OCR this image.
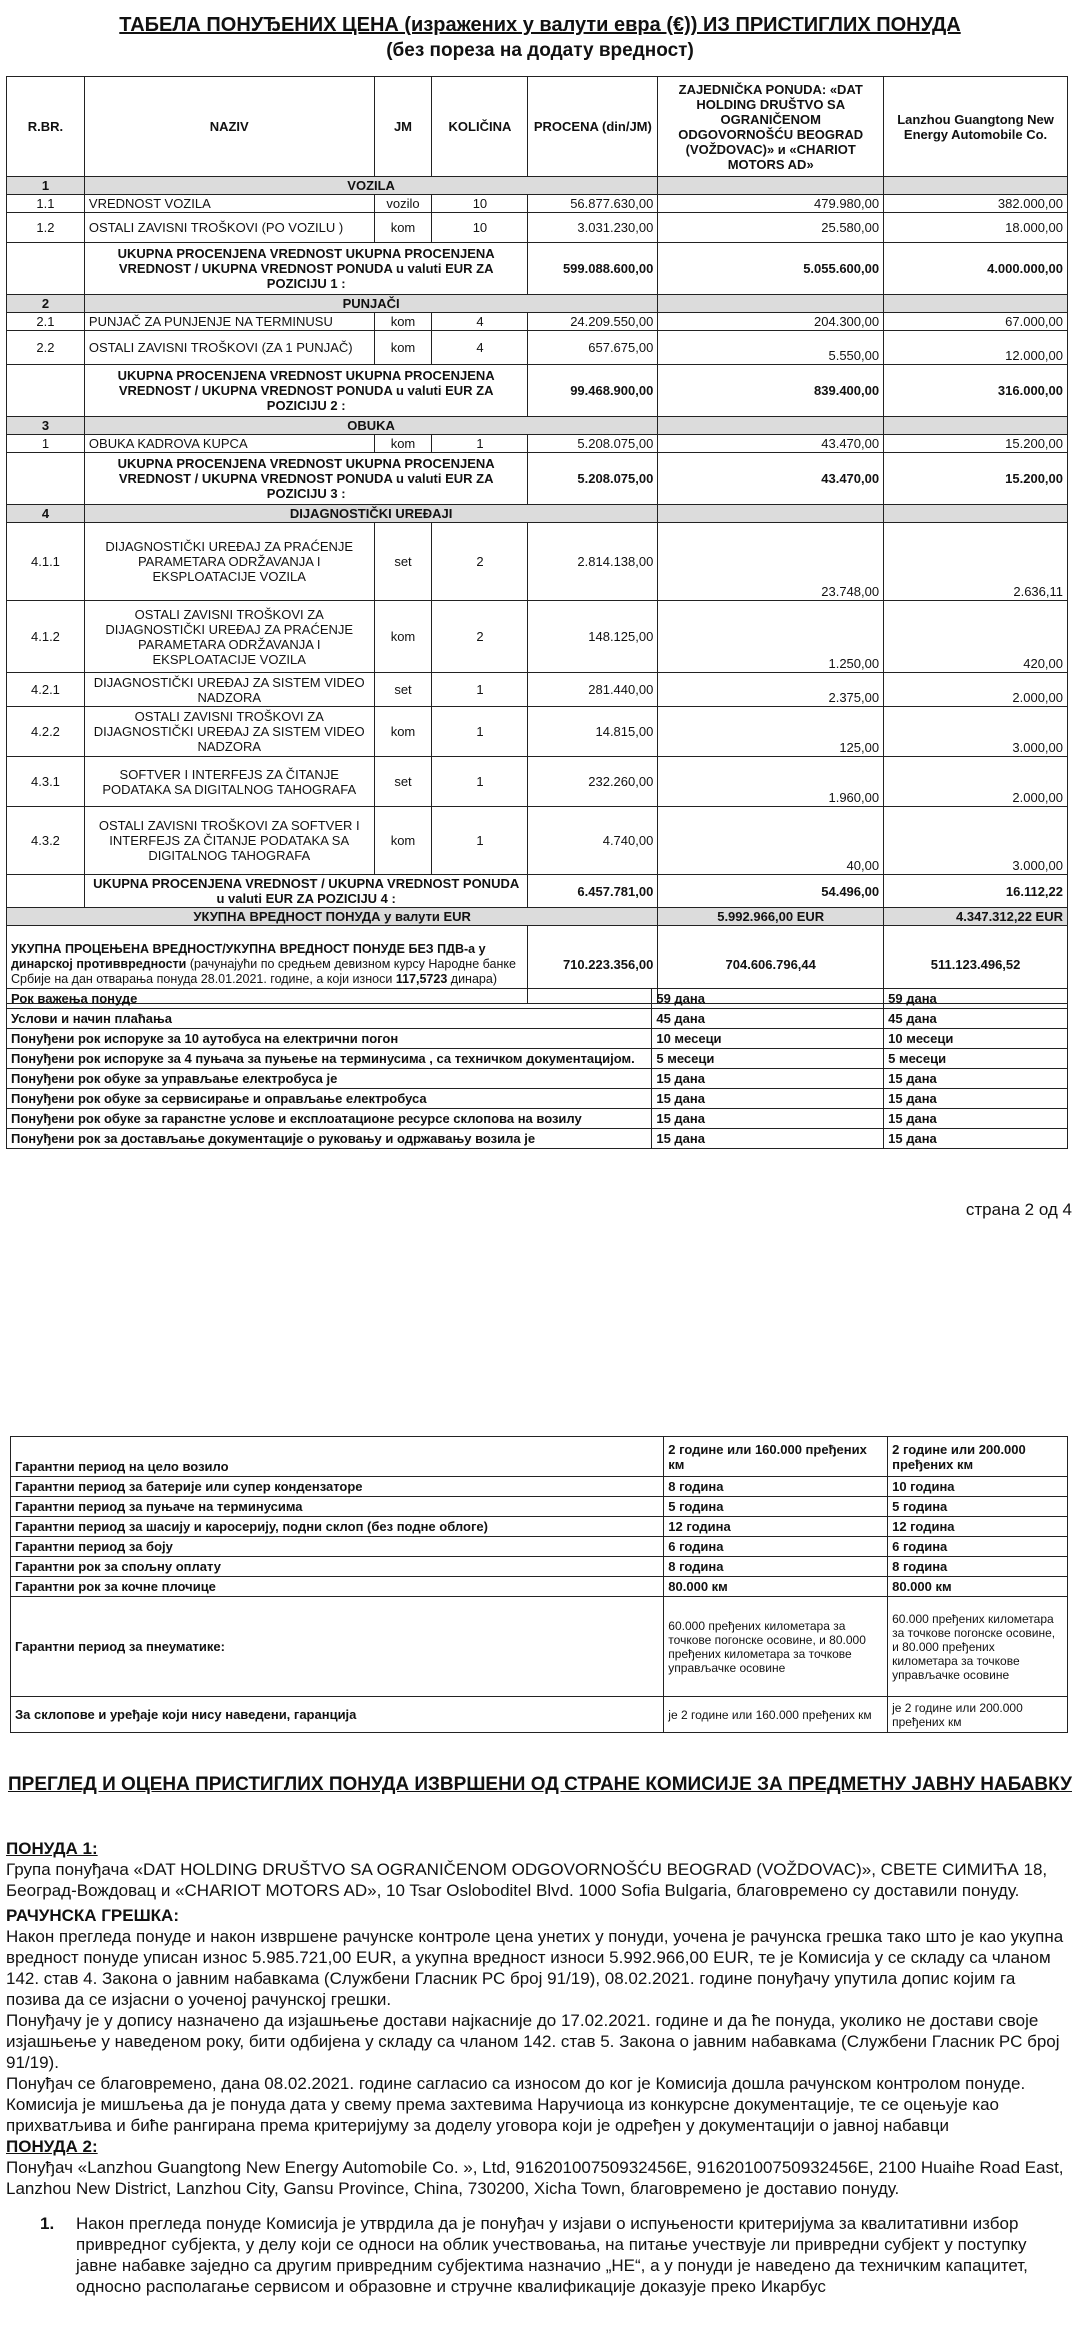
ТАБЕЛА ПОНУЂЕНИХ ЦЕНА (изражених у валути евра (€)) ИЗ ПРИСТИГЛИХ ПОНУДА
(без пореза на додату вредност)
R.BR.	NAZIV	JM	KOLIČINA	PROCENA (din/JM)	ZAJEDNIČKA PONUDA: «DAT HOLDING DRUŠTVO SA OGRANIČENOM ODGOVORNOŠĆU BEOGRAD (VOŽDOVAC)» и «CHARIOT MOTORS AD»	Lanzhou Guangtong New Energy Automobile Co.
1	VOZILA					
1.1	VREDNOST VOZILA	vozilo	10	56.877.630,00	479.980,00	382.000,00
1.2	OSTALI ZAVISNI TROŠKOVI (PO VOZILU )	kom	10	3.031.230,00	25.580,00	18.000,00
	UKUPNA PROCENJENA VREDNOST UKUPNA PROCENJENA VREDNOST / UKUPNA VREDNOST PONUDA u valuti EUR ZA POZICIJU 1 :			599.088.600,00	5.055.600,00	4.000.000,00
2	PUNJAČI					
2.1	PUNJAČ ZA PUNJENJE NA TERMINUSU	kom	4	24.209.550,00	204.300,00	67.000,00
2.2	OSTALI ZAVISNI TROŠKOVI (ZA 1 PUNJAČ)	kom	4	657.675,00	5.550,00	12.000,00
	UKUPNA PROCENJENA VREDNOST UKUPNA PROCENJENA VREDNOST / UKUPNA VREDNOST PONUDA u valuti EUR ZA POZICIJU 2 :			99.468.900,00	839.400,00	316.000,00
3	OBUKA					
1	OBUKA KADROVA KUPCA	kom	1	5.208.075,00	43.470,00	15.200,00
	UKUPNA PROCENJENA VREDNOST UKUPNA PROCENJENA VREDNOST / UKUPNA VREDNOST PONUDA u valuti EUR ZA POZICIJU 3 :			5.208.075,00	43.470,00	15.200,00
4	DIJAGNOSTIČKI UREĐAJI					
4.1.1	DIJAGNOSTIČKI UREĐAJ ZA PRAĆENJE PARAMETARA ODRŽAVANJA I EKSPLOATACIJE VOZILA	set	2	2.814.138,00	23.748,00	2.636,11
4.1.2	OSTALI ZAVISNI TROŠKOVI ZA DIJAGNOSTIČKI UREĐAJ ZA PRAĆENJE PARAMETARA ODRŽAVANJA I EKSPLOATACIJE VOZILA	kom	2	148.125,00	1.250,00	420,00
4.2.1	DIJAGNOSTIČKI UREĐAJ ZA SISTEM VIDEO NADZORA	set	1	281.440,00	2.375,00	2.000,00
4.2.2	OSTALI ZAVISNI TROŠKOVI ZA DIJAGNOSTIČKI UREĐAJ ZA SISTEM VIDEO NADZORA	kom	1	14.815,00	125,00	3.000,00
4.3.1	SOFTVER I INTERFEJS ZA ČITANJE PODATAKA SA DIGITALNOG TAHOGRAFA	set	1	232.260,00	1.960,00	2.000,00
4.3.2	OSTALI ZAVISNI TROŠKOVI ZA SOFTVER I INTERFEJS ZA ČITANJE PODATAKA SA DIGITALNOG TAHOGRAFA	kom	1	4.740,00	40,00	3.000,00
	UKUPNA PROCENJENA VREDNOST / UKUPNA VREDNOST PONUDA u valuti EUR ZA POZICIJU 4 :			6.457.781,00	54.496,00	16.112,22
УКУПНА ВРЕДНОСТ ПОНУДА у валути EUR					5.992.966,00 EUR	4.347.312,22 EUR
УКУПНА ПРОЦЕЊЕНА ВРЕДНОСТ/УКУПНА ВРЕДНОСТ ПОНУДЕ БЕЗ ПДВ-а у динарској противвредности (рачунајући по средњем девизном курсу Народне банке Србије на дан отварања понуда 28.01.2021. године, а који износи 117,5723 динара)				710.223.356,00	704.606.796,44	511.123.496,52
Рок важења понуде	59 дана	59 дана
Услови и начин плаћања	45 дана	45 дана
Понуђени рок испоруке за 10 аутобуса на електрични погон	10 месеци	10 месеци
Понуђени рок испоруке за 4 пуњача за пуњење на терминусима , са техничком документацијом.	5 месеци	5 месеци
Понуђени рок обуке за управљање електробуса је	15 дана	15 дана
Понуђени рок обуке за сервисирање и оправљање електробуса	15 дана	15 дана
Понуђени рок обуке за гаранстне услове и експлоатационе ресурсе склопова на возилу	15 дана	15 дана
Понуђени рок за достављање документације о руковању и одржавању возила је	15 дана	15 дана
страна 2 од 4
Гарантни период на цело возило	2 године или 160.000 пређених км	2 године или 200.000 пређених км
Гарантни период за батерије или супер кондензаторе	8 година	10 година
Гарантни период за пуњаче на терминусима	5 година	5 година
Гарантни период за шасију и каросерију, подни склоп (без подне облоге)	12 година	12 година
Гарантни период за боју	6 година	6 година
Гарантни рок за спољну оплату	8 година	8 година
Гарантни рок за кочне плочице	80.000 км	80.000 км
Гарантни период за пнеуматике:	60.000 пређених километара за точкове погонске осовине, и 80.000 пређених километара за точкове управљачке осовине	60.000 пређених километара за точкове погонске осовине, и 80.000 пређених километара за точкове управљачке осовине
За склопове и уређаје који нису наведени, гаранција	је 2 године или 160.000 пређених км	је 2 године или 200.000 пређених км
ПРЕГЛЕД И ОЦЕНА ПРИСТИГЛИХ ПОНУДА ИЗВРШЕНИ ОД СТРАНЕ КОМИСИЈЕ ЗА ПРЕДМЕТНУ ЈАВНУ НАБАВКУ

ПОНУДА 1:

Група понуђача «DAT HOLDING DRUŠTVO SA OGRANIČENOM ODGOVORNOŠĆU BEOGRAD (VOŽDOVAC)», СВЕТЕ СИМИЋА 18, Београд-Вождовац и «CHARIOT MOTORS AD», 10 Tsar Osloboditel Blvd. 1000 Sofia Bulgaria, благовремено су доставили понуду.

РАЧУНСКА ГРЕШКА:

Након прегледа понуде и након извршене рачунске контроле цена унетих у понуди, уочена је рачунска грешка тако што је као укупна вредност понуде уписан износ 5.985.721,00 EUR, а укупна вредност износи 5.992.966,00 EUR, те је Комисија у се складу са чланом 142. став 4. Закона о јавним набавкама (Службени Гласник РС број 91/19), 08.02.2021. године понуђачу упутила допис којим га позива да се изјасни о уоченој рачунској грешки.

Понуђачу је у допису назначено да изјашњење достави најкасније до 17.02.2021. године и да ће понуда, уколико не достави своје изјашњење у наведеном року, бити одбијена у складу са чланом 142. став 5. Закона о јавним набавкама (Службени Гласник РС број 91/19).

Понуђач се благовремено, дана 08.02.2021. године сагласио са износом до ког је Комисија дошла рачунском контролом понуде.

Комисија је мишљења да је понуда дата у свему према захтевима Наручиоца из конкурсне документације, те се оцењује као прихватљива и биће рангирана према критеријуму за доделу уговора који је одређен у документацији о јавној набавци

ПОНУДА 2:

Понуђач «Lanzhou Guangtong New Energy Automobile Co. », Ltd, 91620100750932456E, 91620100750932456E, 2100 Huaihe Road East, Lanzhou New District, Lanzhou City, Gansu Province, China, 730200, Xicha Town, благовремено је доставио понуду.

1. Након прегледа понуде Комисија је утврдила да је понуђач у изјави о испуњености критеријума за квалитативни избор привредног субјекта, у делу који се односи на облик учествовања, на питање учествује ли привредни субјект у поступку јавне набавке заједно са другим привредним субјектима назначио „НЕ“, а у понуди је наведено да техничким капацитет, односно располагање сервисом и образовне и стручне квалификације доказује преко Икарбус
